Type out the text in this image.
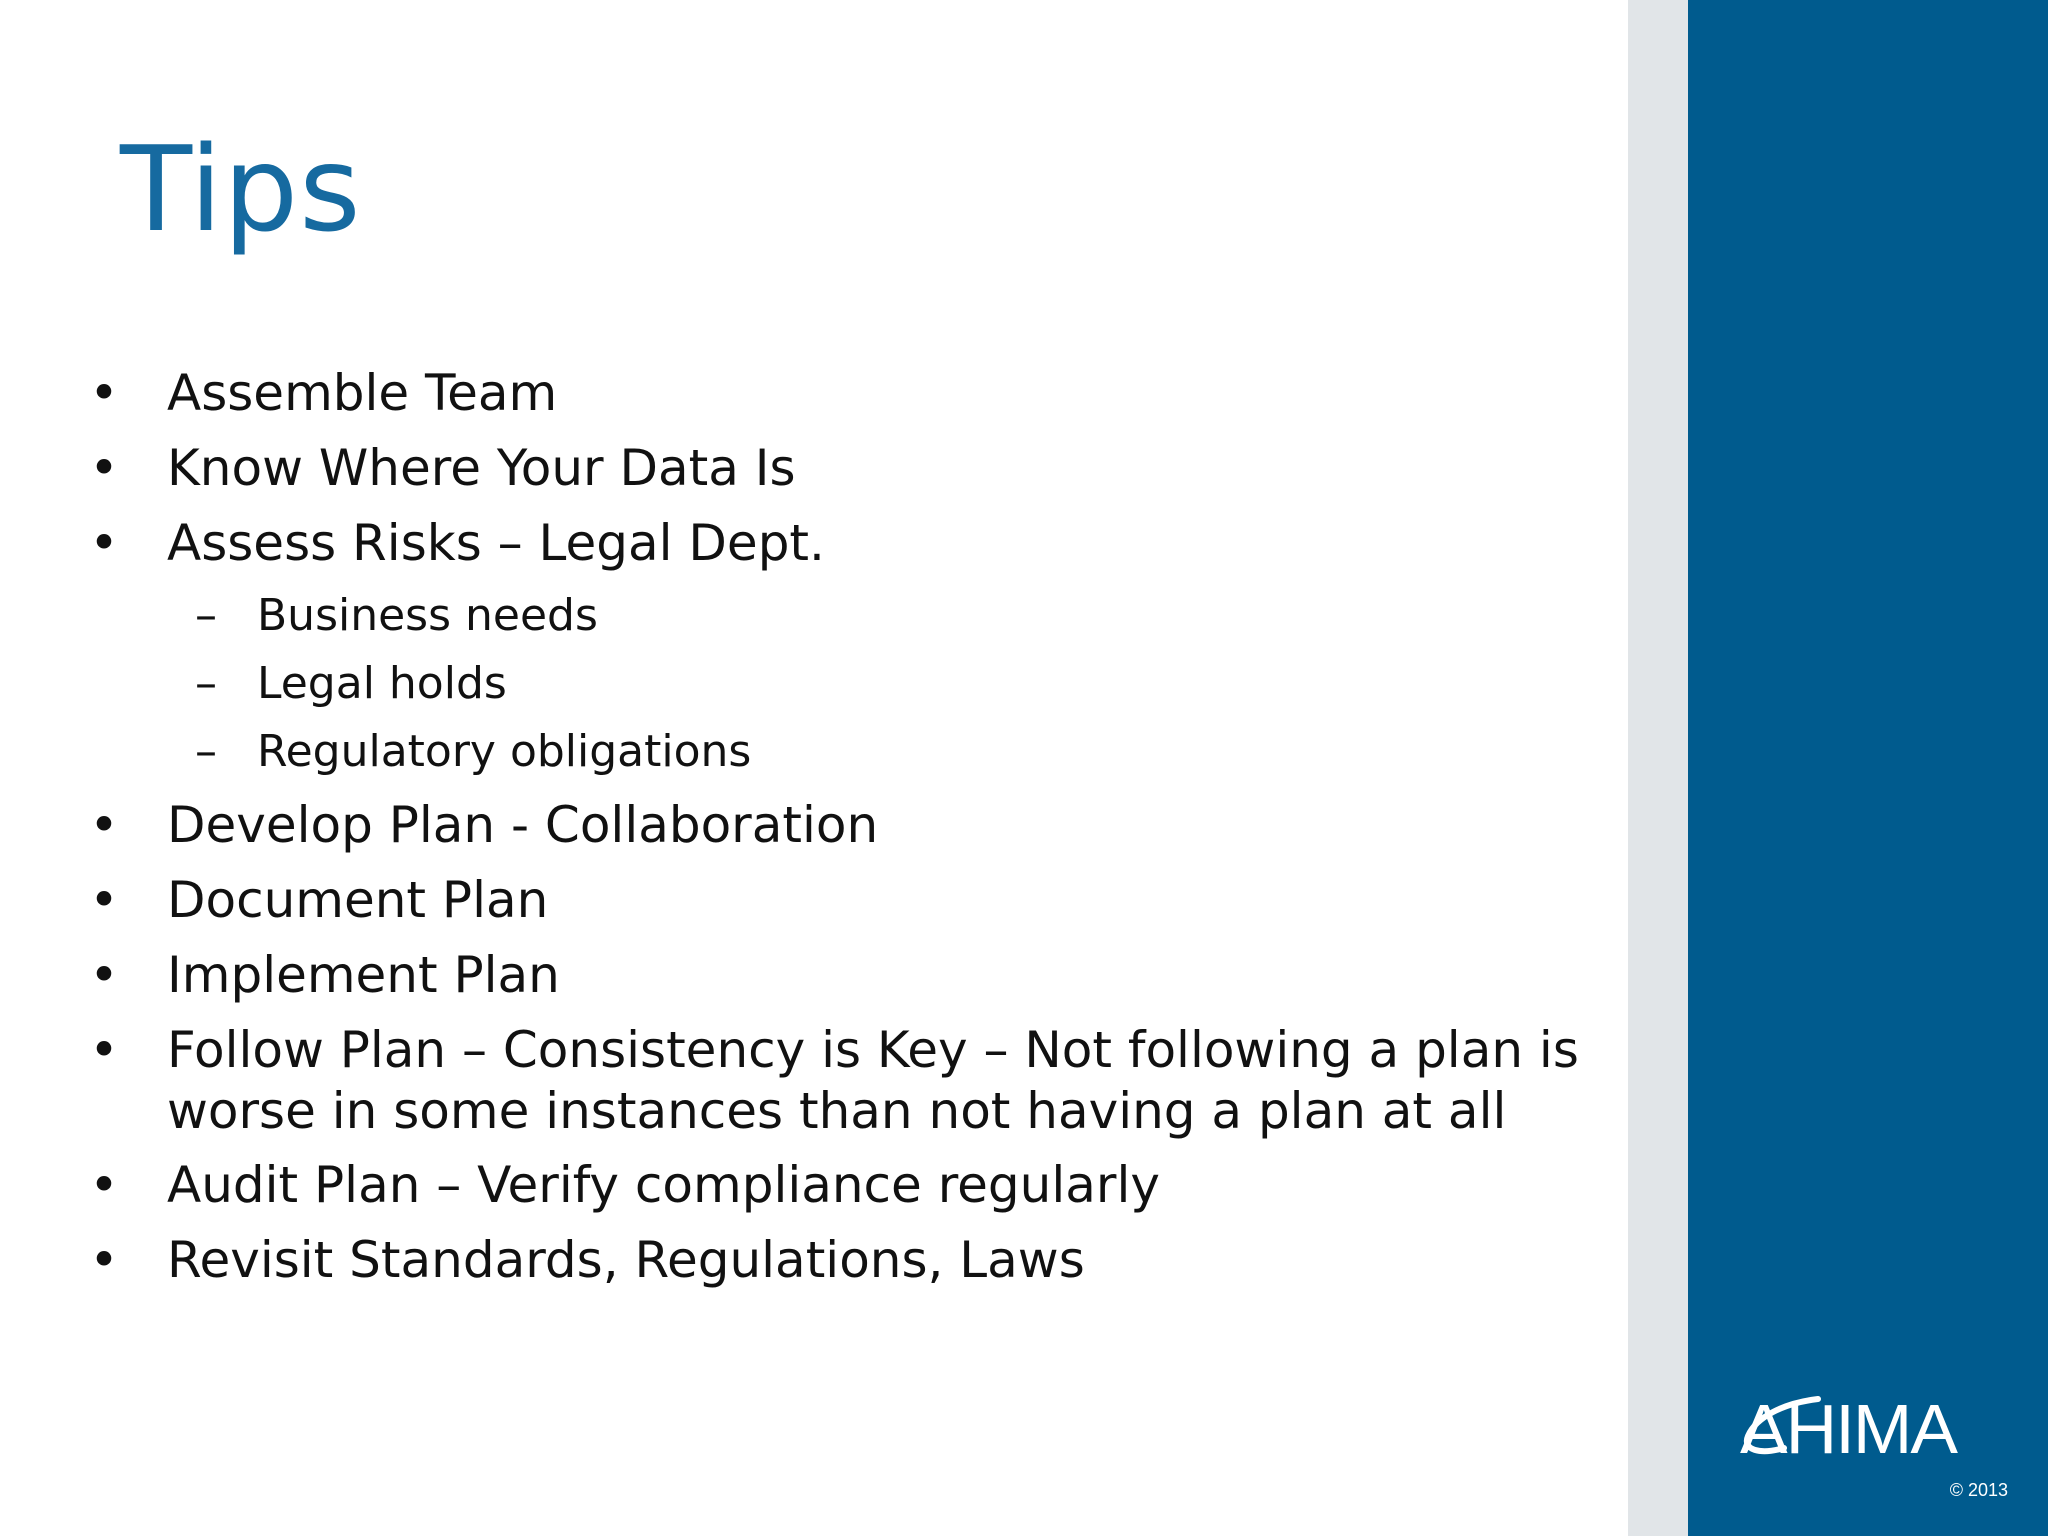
Tips
• Assemble Team
• Know Where Your Data Is
• Assess Risks – Legal Dept.
– Business needs
– Legal holds
– Regulatory obligations
• Develop Plan - Collaboration
• Document Plan
• Implement Plan
• Follow Plan – Consistency is Key – Not following a plan is worse in some instances than not having a plan at all
• Audit Plan – Verify compliance regularly
• Revisit Standards, Regulations, Laws
AHIMA
© 2013
